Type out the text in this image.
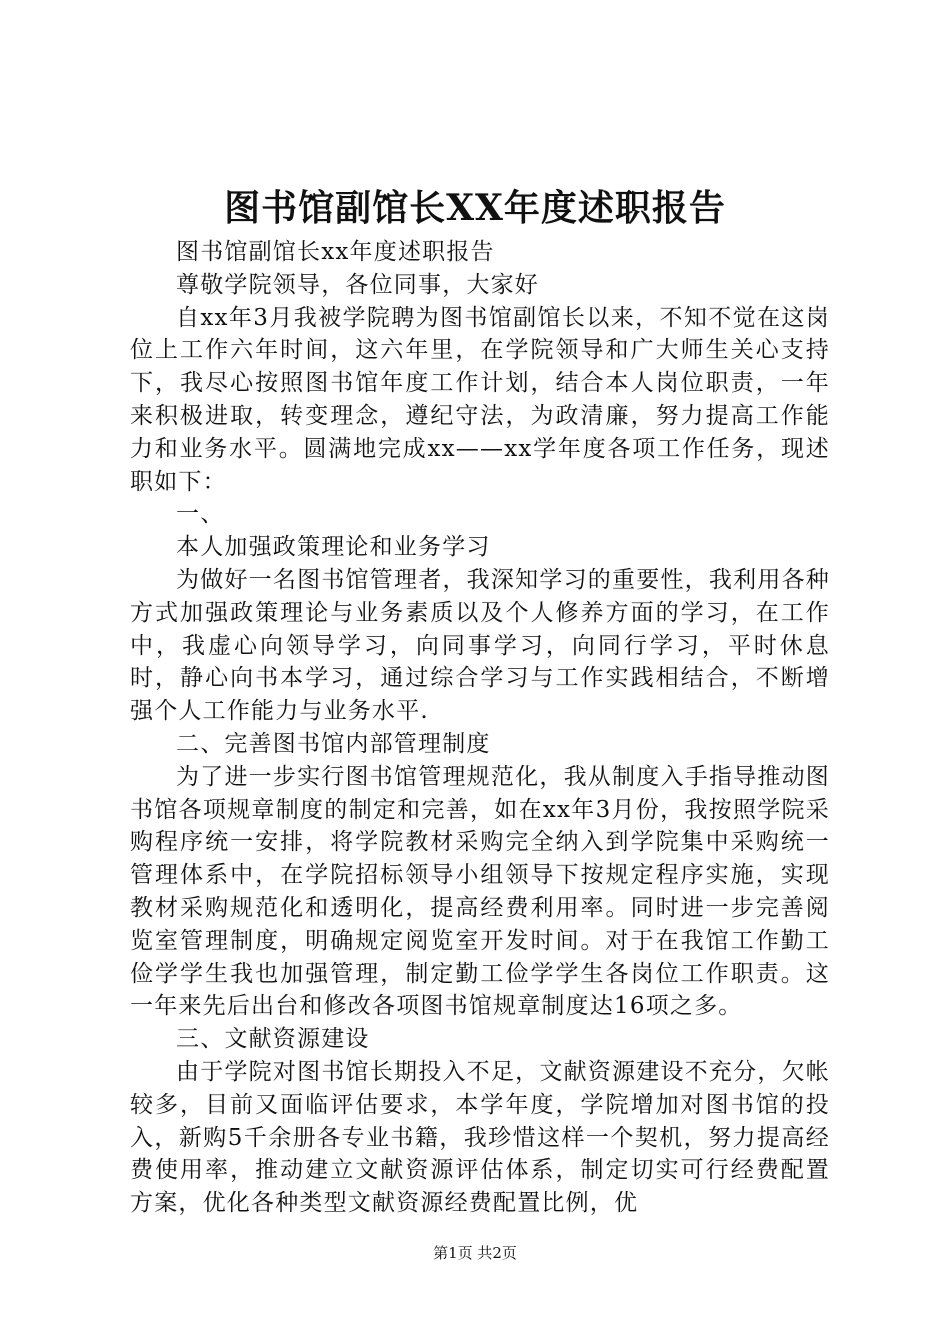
图书馆副馆长XX年度述职报告

图书馆副馆长xx年度述职报告

尊敬学院领导，各位同事，大家好

自xx年3月我被学院聘为图书馆副馆长以来，不知不觉在这岗位上工作六年时间，这六年里，在学院领导和广大师生关心支持下，我尽心按照图书馆年度工作计划，结合本人岗位职责，一年来积极进取，转变理念，遵纪守法，为政清廉，努力提高工作能力和业务水平。圆满地完成xx——xx学年度各项工作任务，现述职如下：

一、

本人加强政策理论和业务学习

为做好一名图书馆管理者，我深知学习的重要性，我利用各种方式加强政策理论与业务素质以及个人修养方面的学习，在工作中，我虚心向领导学习，向同事学习，向同行学习，平时休息时，静心向书本学习，通过综合学习与工作实践相结合，不断增强个人工作能力与业务水平.

二、完善图书馆内部管理制度

为了进一步实行图书馆管理规范化，我从制度入手指导推动图书馆各项规章制度的制定和完善，如在xx年3月份，我按照学院采购程序统一安排，将学院教材采购完全纳入到学院集中采购统一管理体系中，在学院招标领导小组领导下按规定程序实施，实现教材采购规范化和透明化，提高经费利用率。同时进一步完善阅览室管理制度，明确规定阅览室开发时间。对于在我馆工作勤工俭学学生我也加强管理，制定勤工俭学学生各岗位工作职责。这一年来先后出台和修改各项图书馆规章制度达16项之多。

三、文献资源建设

由于学院对图书馆长期投入不足，文献资源建设不充分，欠帐较多，目前又面临评估要求，本学年度，学院增加对图书馆的投入，新购5千余册各专业书籍，我珍惜这样一个契机，努力提高经费使用率，推动建立文献资源评估体系，制定切实可行经费配置方案，优化各种类型文献资源经费配置比例，优

第1页 共2页
